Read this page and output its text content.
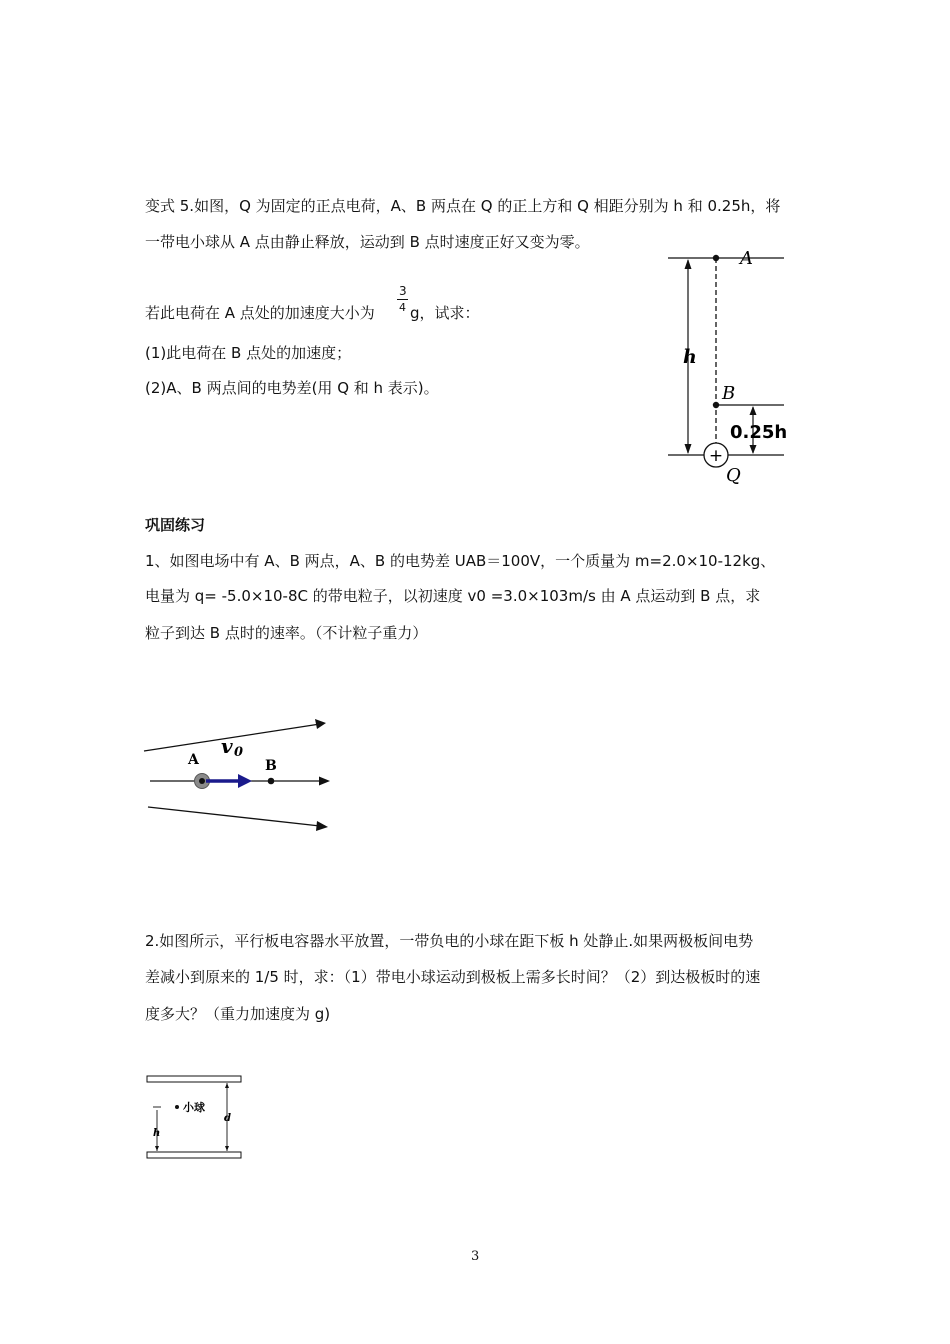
变式 5.如图，Q 为固定的正点电荷，A、B 两点在 Q 的正上方和 Q 相距分别为 h 和 0.25h，将
一带电小球从 A 点由静止释放，运动到 B 点时速度正好又变为零。
若此电荷在 A 点处的加速度大小为
3
4 g，试求：
(1)此电荷在 B 点处的加速度；
(2)A、B 两点间的电势差(用 Q 和 h 表示)。
A
h
B
0.25h
+
Q
巩固练习
1、如图电场中有 A、B 两点，A、B 的电势差 UAB＝100V，一个质量为 m=2.0×10-12kg、
电量为 q= -5.0×10-8C 的带电粒子，以初速度 v0 =3.0×103m/s 由 A 点运动到 B 点，求
粒子到达 B 点时的速率。（不计粒子重力）
A	B
v 0
2.如图所示，平行板电容器水平放置，一带负电的小球在距下板 h 处静止.如果两极板间电势
差减小到原来的 1/5 时，求：（1）带电小球运动到极板上需多长时间？（2）到达极板时的速
度多大？（重力加速度为 g)
d
h
小球
3
